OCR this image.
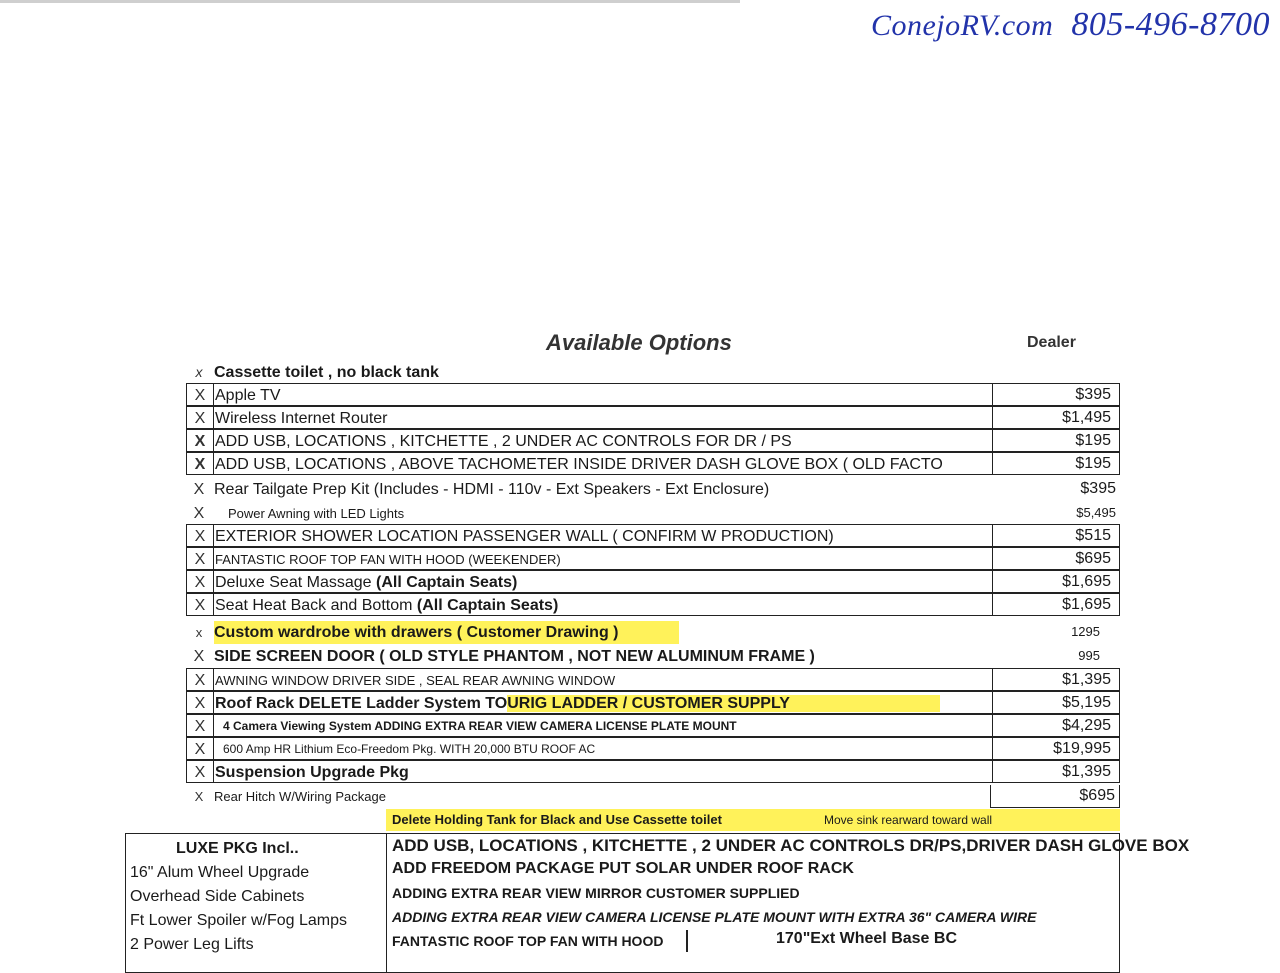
ConejoRV.com 805-496-8700
Available Options	Dealer
x Cassette toilet , no black tank
X Apple TV	$395
X Wireless Internet Router	$1,495
X ADD USB, LOCATIONS , KITCHETTE , 2 UNDER AC CONTROLS FOR DR / PS	$195
X ADD USB, LOCATIONS , ABOVE TACHOMETER INSIDE DRIVER DASH GLOVE BOX ( OLD FACTO	$195
X Rear Tailgate Prep Kit (Includes - HDMI - 110v - Ext Speakers - Ext Enclosure)	$395
X	Power Awning with LED Lights	$5,495
X EXTERIOR SHOWER LOCATION PASSENGER WALL ( CONFIRM W PRODUCTION)	$515
X FANTASTIC ROOF TOP FAN WITH HOOD (WEEKENDER)	$695
X Deluxe Seat Massage (All Captain Seats)	$1,695
X Seat Heat Back and Bottom (All Captain Seats)	$1,695
x Custom wardrobe with drawers ( Customer Drawing )	1295
X SIDE SCREEN DOOR ( OLD STYLE PHANTOM , NOT NEW ALUMINUM FRAME )	995
X AWNING WINDOW DRIVER SIDE , SEAL REAR AWNING WINDOW	$1,395
X Roof Rack DELETE Ladder System TOURIG LADDER / CUSTOMER SUPPLY	$5,195
X	4 Camera Viewing System ADDING EXTRA REAR VIEW CAMERA LICENSE PLATE MOUNT	$4,295
X	600 Amp HR Lithium Eco-Freedom Pkg. WITH 20,000 BTU ROOF AC	$19,995
X Suspension Upgrade Pkg	$1,395
X Rear Hitch W/Wiring Package	$695
Delete Holding Tank for Black and Use Cassette toilet	Move sink rearward toward wall
LUXE PKG Incl..
16" Alum Wheel Upgrade
Overhead Side Cabinets
Ft Lower Spoiler w/Fog Lamps
2 Power Leg Lifts
ADD USB, LOCATIONS , KITCHETTE , 2 UNDER AC CONTROLS DR/PS,DRIVER DASH GLOVE BOX
ADD FREEDOM PACKAGE PUT SOLAR UNDER ROOF RACK
ADDING EXTRA REAR VIEW MIRROR CUSTOMER SUPPLIED
ADDING EXTRA REAR VIEW CAMERA LICENSE PLATE MOUNT WITH EXTRA 36" CAMERA WIRE
FANTASTIC ROOF TOP FAN WITH HOOD	170"Ext Wheel Base BC
